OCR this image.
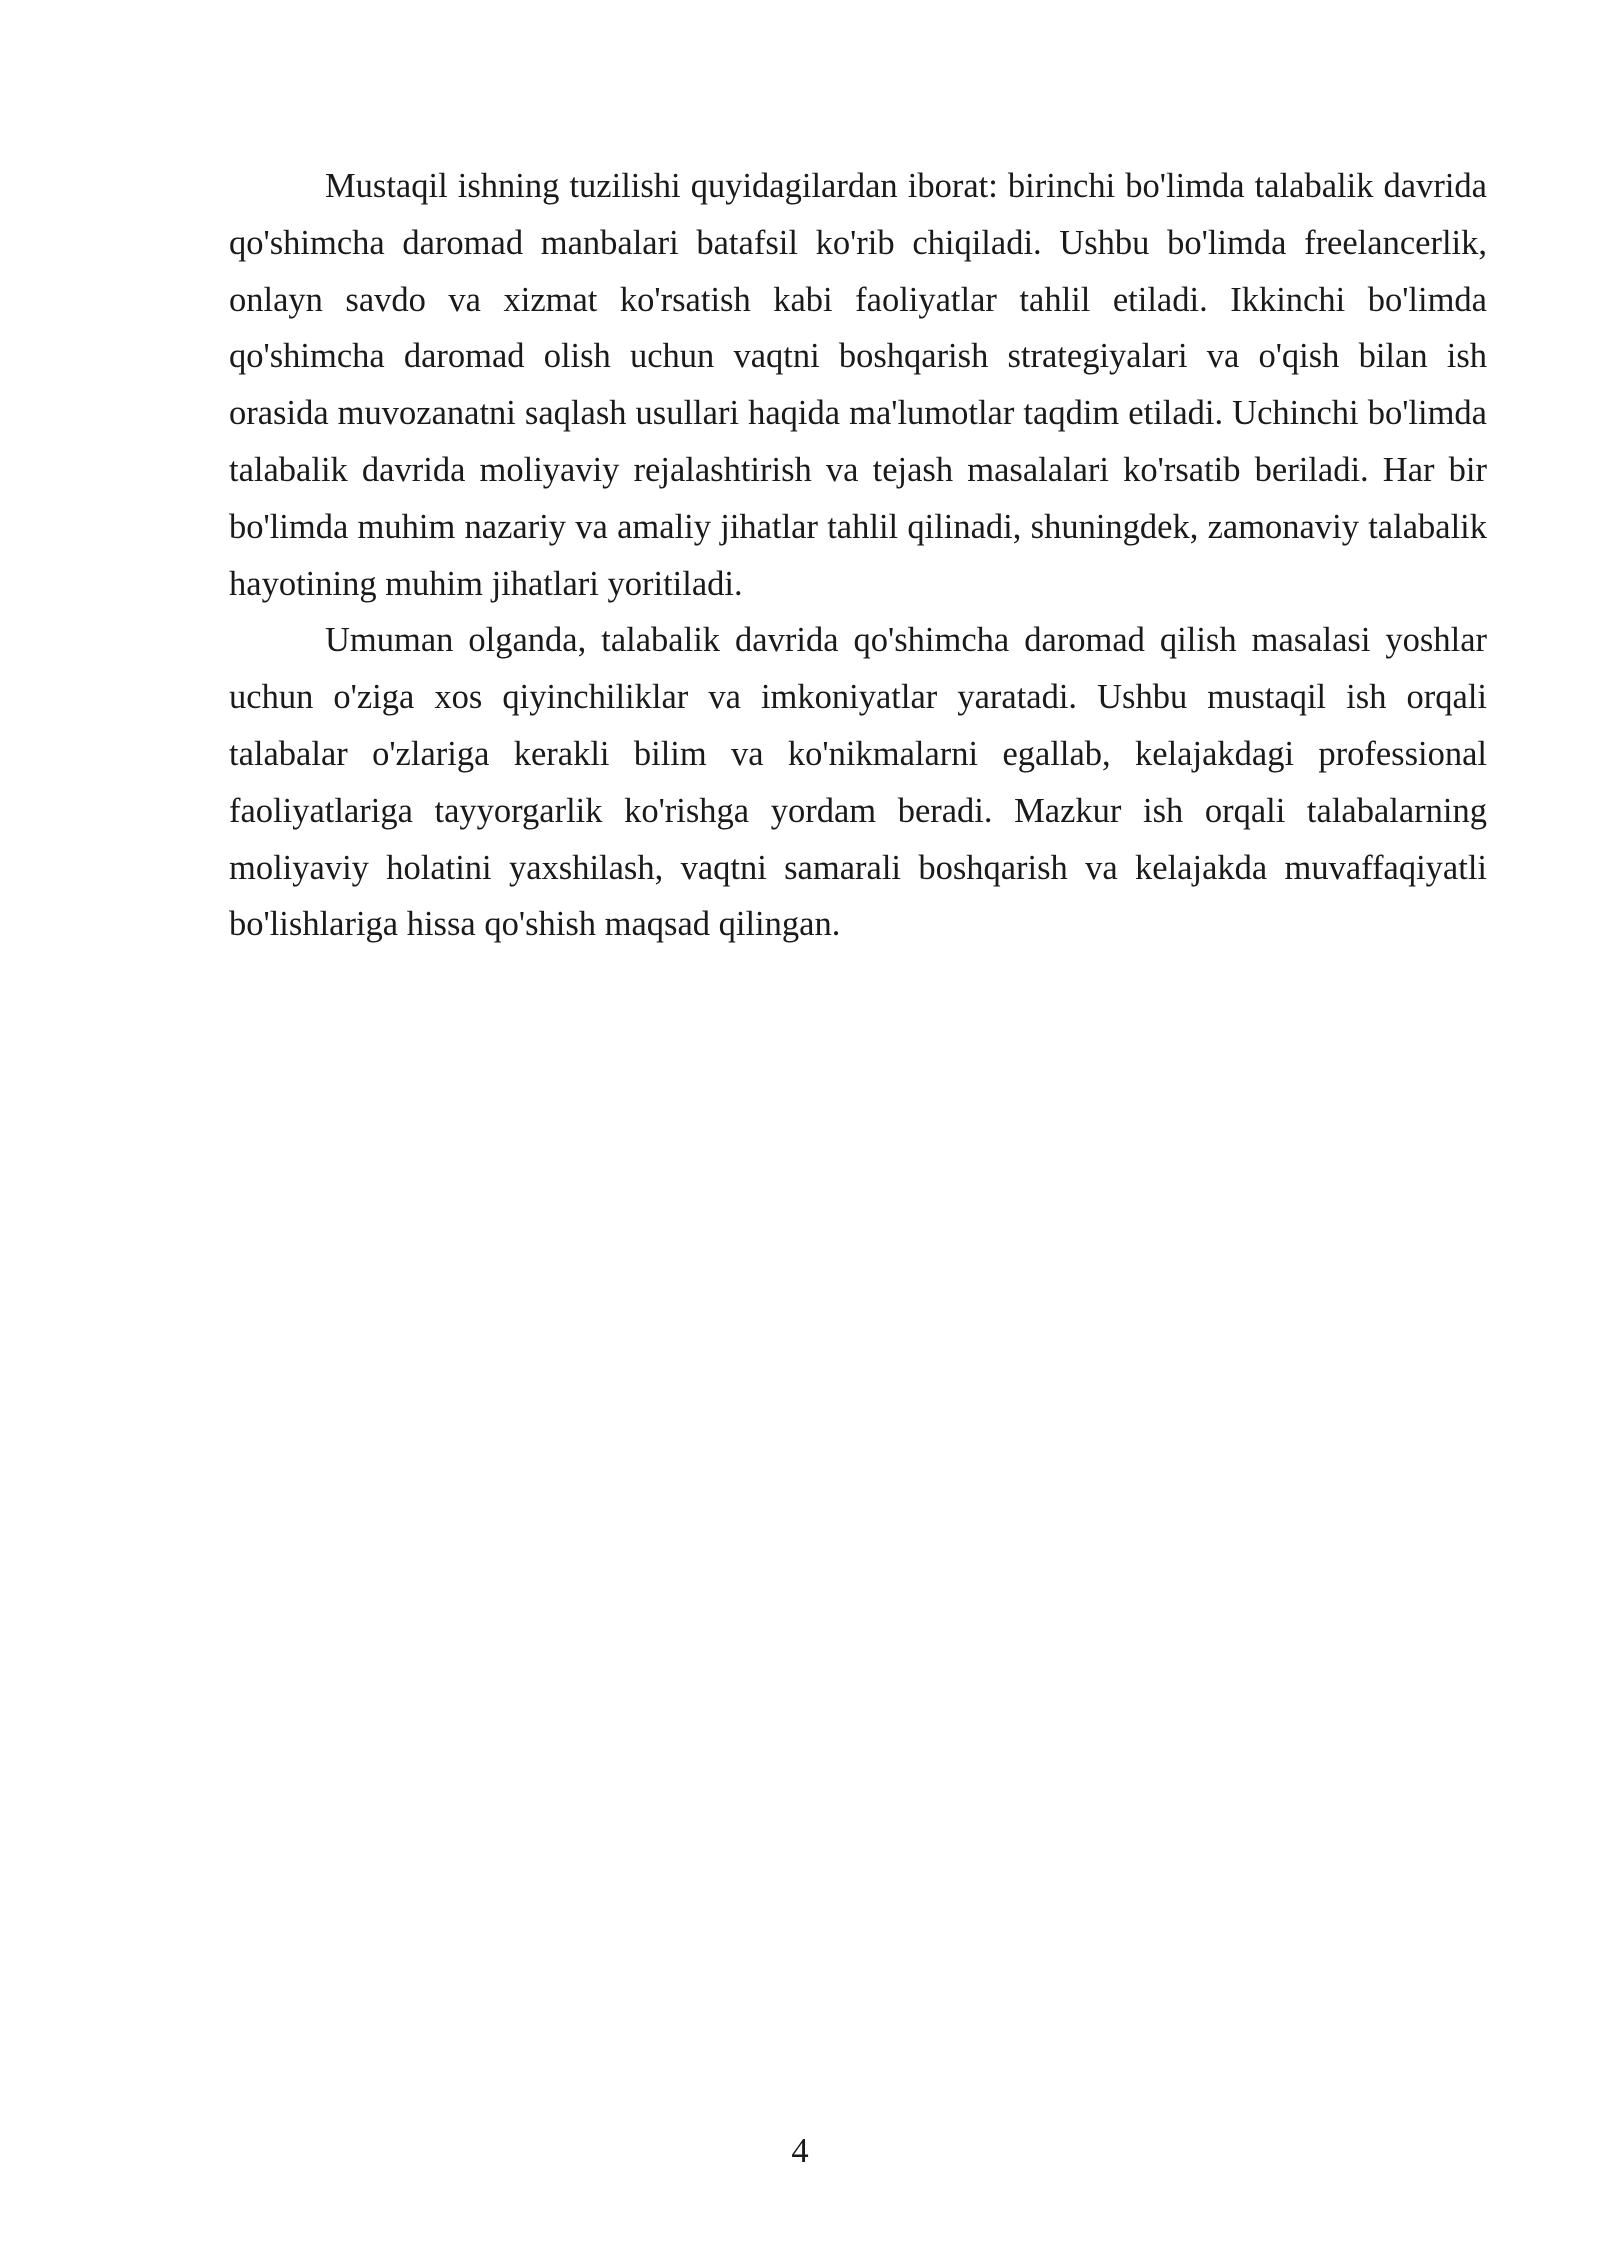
Mustaqil ishning tuzilishi quyidagilardan iborat: birinchi bo'limda talabalik davrida qo'shimcha daromad manbalari batafsil ko'rib chiqiladi. Ushbu bo'limda freelancerlik, onlayn savdo va xizmat ko'rsatish kabi faoliyatlar tahlil etiladi. Ikkinchi bo'limda qo'shimcha daromad olish uchun vaqtni boshqarish strategiyalari va o'qish bilan ish orasida muvozanatni saqlash usullari haqida ma'lumotlar taqdim etiladi. Uchinchi bo'limda talabalik davrida moliyaviy rejalashtirish va tejash masalalari ko'rsatib beriladi. Har bir bo'limda muhim nazariy va amaliy jihatlar tahlil qilinadi, shuningdek, zamonaviy talabalik hayotining muhim jihatlari yoritiladi.

Umuman olganda, talabalik davrida qo'shimcha daromad qilish masalasi yoshlar uchun o'ziga xos qiyinchiliklar va imkoniyatlar yaratadi. Ushbu mustaqil ish orqali talabalar o'zlariga kerakli bilim va ko'nikmalarni egallab, kelajakdagi professional faoliyatlariga tayyorgarlik ko'rishga yordam beradi. Mazkur ish orqali talabalarning moliyaviy holatini yaxshilash, vaqtni samarali boshqarish va kelajakda muvaffaqiyatli bo'lishlariga hissa qo'shish maqsad qilingan.

4
